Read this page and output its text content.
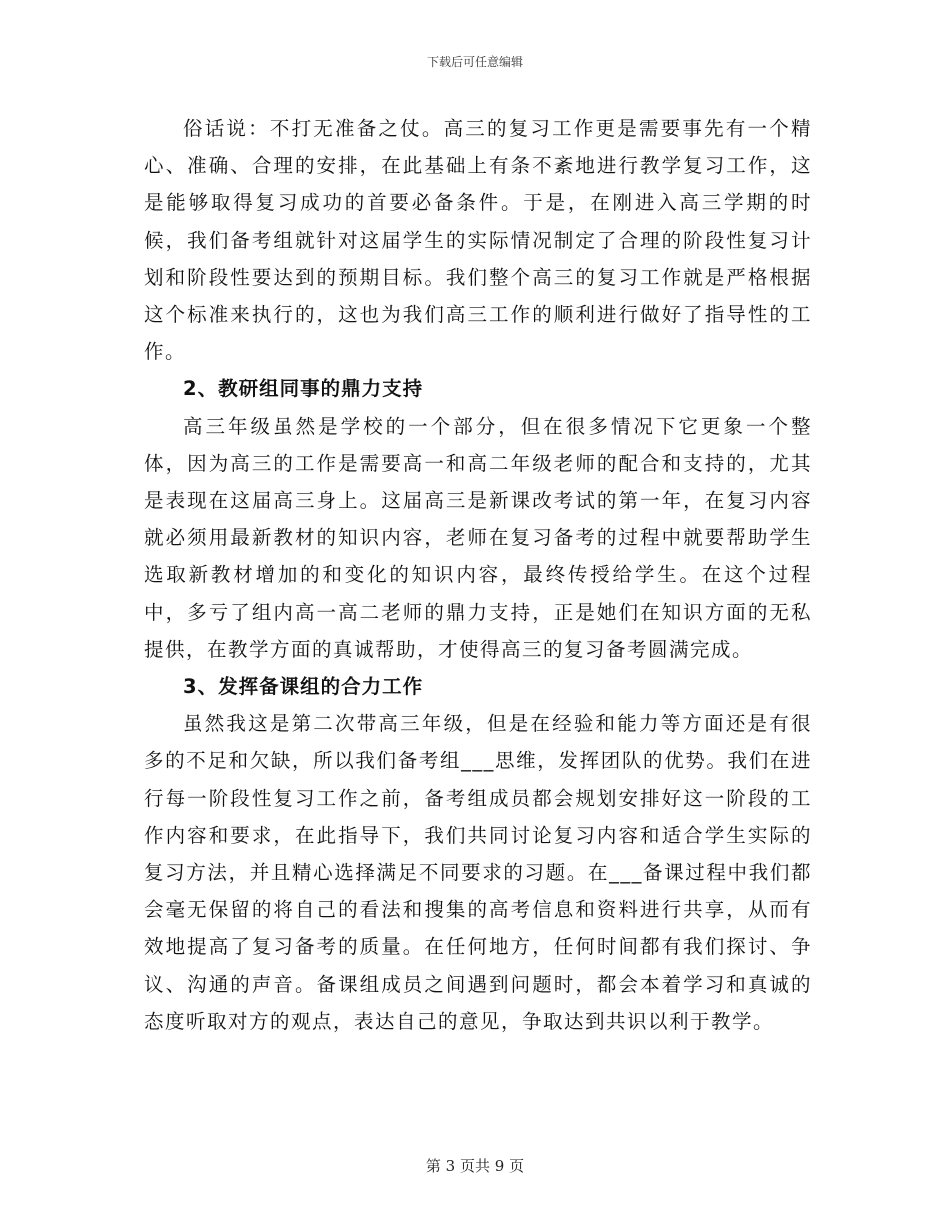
下载后可任意编辑

俗话说：不打无准备之仗。高三的复习工作更是需要事先有一个精心、准确、合理的安排，在此基础上有条不紊地进行教学复习工作，这是能够取得复习成功的首要必备条件。于是，在刚进入高三学期的时候，我们备考组就针对这届学生的实际情况制定了合理的阶段性复习计划和阶段性要达到的预期目标。我们整个高三的复习工作就是严格根据这个标准来执行的，这也为我们高三工作的顺利进行做好了指导性的工作。

2、教研组同事的鼎力支持

高三年级虽然是学校的一个部分，但在很多情况下它更象一个整体，因为高三的工作是需要高一和高二年级老师的配合和支持的，尤其是表现在这届高三身上。这届高三是新课改考试的第一年，在复习内容就必须用最新教材的知识内容，老师在复习备考的过程中就要帮助学生选取新教材增加的和变化的知识内容，最终传授给学生。在这个过程中，多亏了组内高一高二老师的鼎力支持，正是她们在知识方面的无私提供，在教学方面的真诚帮助，才使得高三的复习备考圆满完成。

3、发挥备课组的合力工作

虽然我这是第二次带高三年级，但是在经验和能力等方面还是有很多的不足和欠缺，所以我们备考组___思维，发挥团队的优势。我们在进行每一阶段性复习工作之前，备考组成员都会规划安排好这一阶段的工作内容和要求，在此指导下，我们共同讨论复习内容和适合学生实际的复习方法，并且精心选择满足不同要求的习题。在___备课过程中我们都会毫无保留的将自己的看法和搜集的高考信息和资料进行共享，从而有效地提高了复习备考的质量。在任何地方，任何时间都有我们探讨、争议、沟通的声音。备课组成员之间遇到问题时，都会本着学习和真诚的态度听取对方的观点，表达自己的意见，争取达到共识以利于教学。

第 3 页共 9 页
